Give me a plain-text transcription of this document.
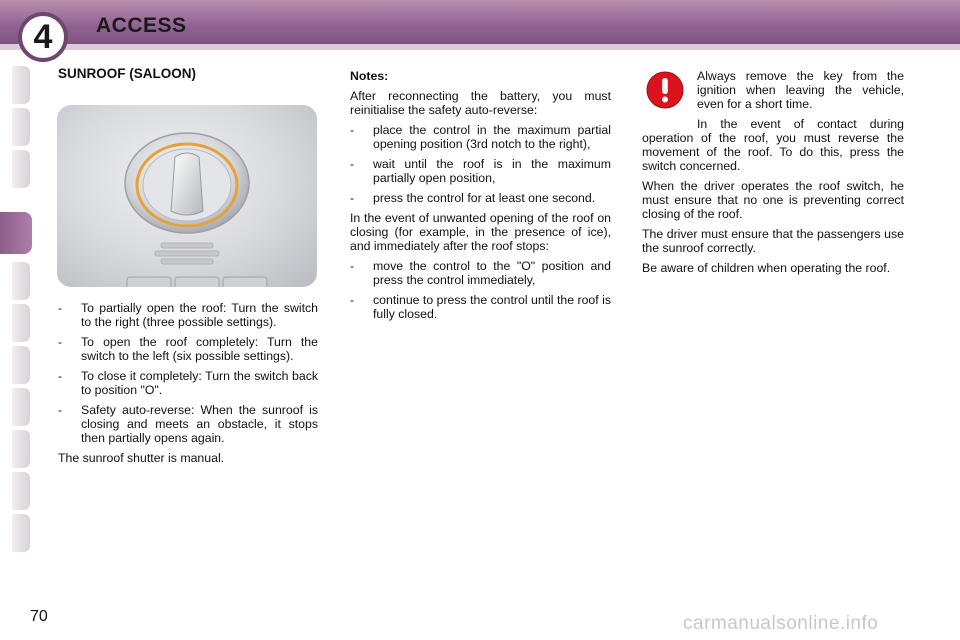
4	ACCESS
SUNROOF (SALOON)
-	To partially open the roof: Turn the switch to the right (three possible settings).
-	To open the roof completely: Turn the switch to the left (six possible settings).
-	To close it completely: Turn the switch back to position "O".
-	Safety auto-reverse: When the sunroof is closing and meets an obstacle, it stops then partially opens again.

The sunroof shutter is manual.

Notes:

After reconnecting the battery, you must reinitialise the safety auto-reverse:

-	place the control in the maximum partial opening position (3rd notch to the right),
-	wait until the roof is in the maximum partially open position,
-	press the control for at least one second.

In the event of unwanted opening of the roof on closing (for example, in the presence of ice), and immediately after the roof stops:

-	move the control to the "O" position and press the control immediately,
-	continue to press the control until the roof is fully closed.

Always remove the key from the ignition when leaving the vehicle, even for a short time.

In the event of contact during operation of the roof, you must reverse the movement of the roof. To do this, press the switch concerned.

When the driver operates the roof switch, he must ensure that no one is preventing correct closing of the roof.

The driver must ensure that the passengers use the sunroof correctly.

Be aware of children when operating the roof.

70	carmanualsonline.info
